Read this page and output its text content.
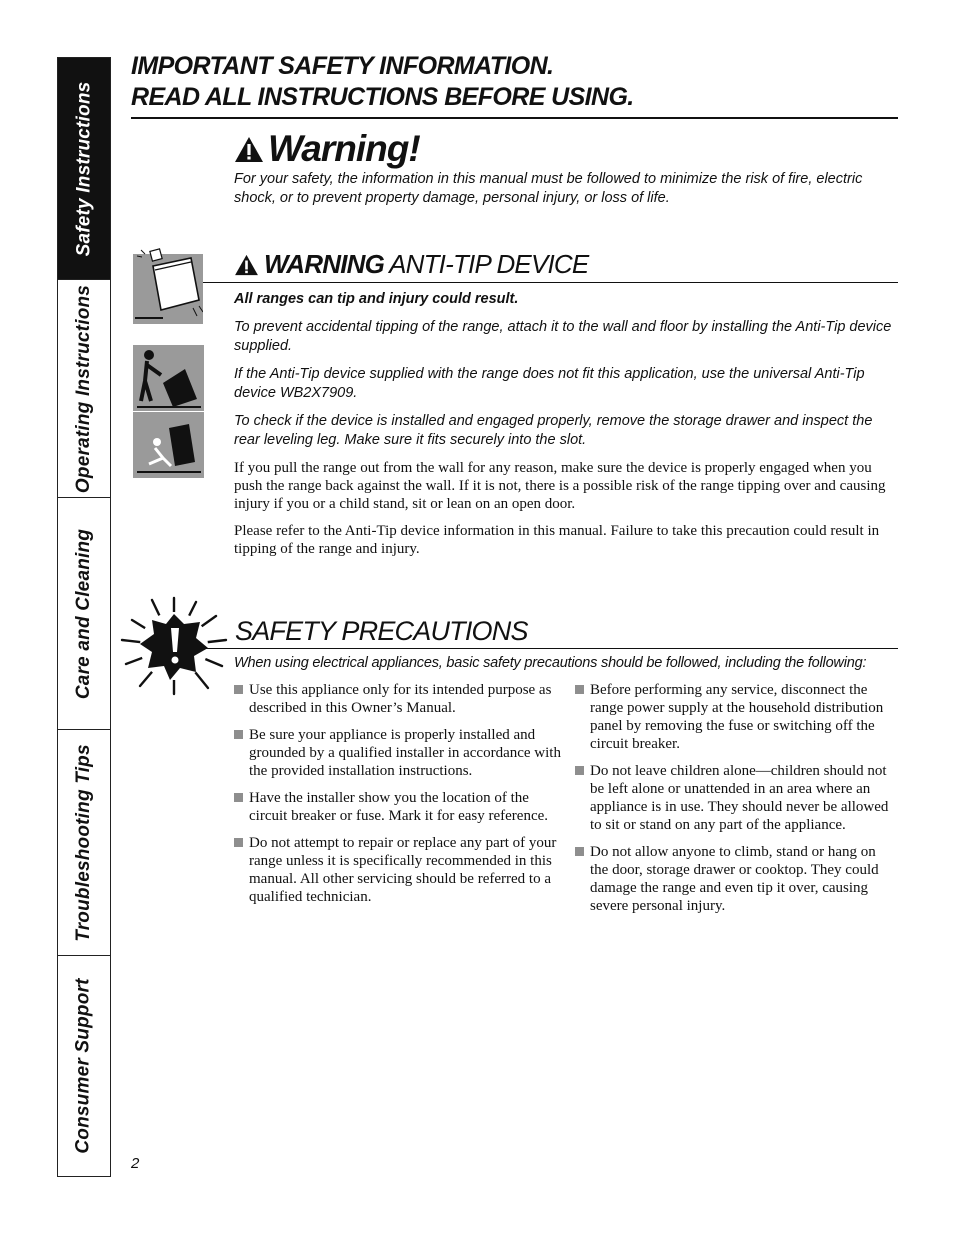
Safety Instructions
Operating Instructions
Care and Cleaning
Troubleshooting Tips
Consumer Support
IMPORTANT SAFETY INFORMATION.
READ ALL INSTRUCTIONS BEFORE USING.
Warning!
For your safety, the information in this manual must be followed to minimize the risk of fire, electric shock, or to prevent property damage, personal injury, or loss of life.
WARNING ANTI-TIP DEVICE
All ranges can tip and injury could result.
To prevent accidental tipping of the range, attach it to the wall and floor by installing the Anti-Tip device supplied.
If the Anti-Tip device supplied with the range does not fit this application, use the universal Anti-Tip device WB2X7909.
To check if the device is installed and engaged properly, remove the storage drawer and inspect the rear leveling leg. Make sure it fits securely into the slot.
If you pull the range out from the wall for any reason, make sure the device is properly engaged when you push the range back against the wall. If it is not, there is a possible risk of the range tipping over and causing injury if you or a child stand, sit or lean on an open door.
Please refer to the Anti-Tip device information in this manual. Failure to take this precaution could result in tipping of the range and injury.
SAFETY PRECAUTIONS
When using electrical appliances, basic safety precautions should be followed, including the following:
Use this appliance only for its intended purpose as described in this Owner’s Manual.
Be sure your appliance is properly installed and grounded by a qualified installer in accordance with the provided installation instructions.
Have the installer show you the location of the circuit breaker or fuse. Mark it for easy reference.
Do not attempt to repair or replace any part of your range unless it is specifically recommended in this manual. All other servicing should be referred to a qualified technician.
Before performing any service, disconnect the range power supply at the household distribution panel by removing the fuse or switching off the circuit breaker.
Do not leave children alone—children should not be left alone or unattended in an area where an appliance is in use. They should never be allowed to sit or stand on any part of the appliance.
Do not allow anyone to climb, stand or hang on the door, storage drawer or cooktop. They could damage the range and even tip it over, causing severe personal injury.
2
